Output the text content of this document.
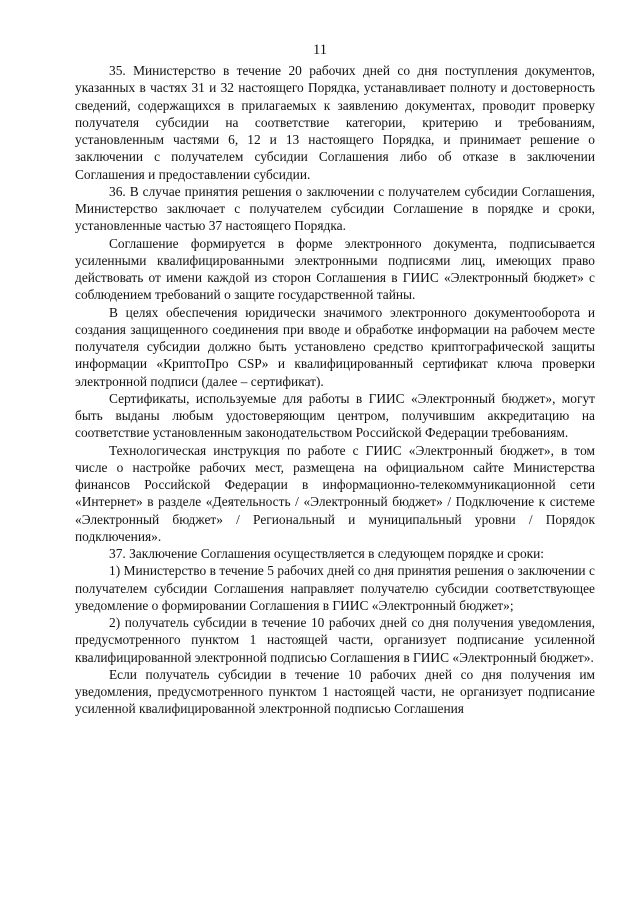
11

35. Министерство в течение 20 рабочих дней со дня поступления документов, указанных в частях 31 и 32 настоящего Порядка, устанавливает полноту и достоверность сведений, содержащихся в прилагаемых к заявлению документах, проводит проверку получателя субсидии на соответствие категории, критерию и требованиям, установленным частями 6, 12 и 13 настоящего Порядка, и принимает решение о заключении с получателем субсидии Соглашения либо об отказе в заключении Соглашения и предоставлении субсидии.

36. В случае принятия решения о заключении с получателем субсидии Соглашения, Министерство заключает с получателем субсидии Соглашение в порядке и сроки, установленные частью 37 настоящего Порядка.

Соглашение формируется в форме электронного документа, подписывается усиленными квалифицированными электронными подписями лиц, имеющих право действовать от имени каждой из сторон Соглашения в ГИИС «Электронный бюджет» с соблюдением требований о защите государственной тайны.

В целях обеспечения юридически значимого электронного документооборота и создания защищенного соединения при вводе и обработке информации на рабочем месте получателя субсидии должно быть установлено средство криптографической защиты информации «КриптоПро CSP» и квалифицированный сертификат ключа проверки электронной подписи (далее – сертификат).

Сертификаты, используемые для работы в ГИИС «Электронный бюджет», могут быть выданы любым удостоверяющим центром, получившим аккредитацию на соответствие установленным законодательством Российской Федерации требованиям.

Технологическая инструкция по работе с ГИИС «Электронный бюджет», в том числе о настройке рабочих мест, размещена на официальном сайте Министерства финансов Российской Федерации в информационно-телекоммуникационной сети «Интернет» в разделе «Деятельность / «Электронный бюджет» / Подключение к системе «Электронный бюджет» / Региональный и муниципальный уровни / Порядок подключения».

37. Заключение Соглашения осуществляется в следующем порядке и сроки:

1) Министерство в течение 5 рабочих дней со дня принятия решения о заключении с получателем субсидии Соглашения направляет получателю субсидии соответствующее уведомление о формировании Соглашения в ГИИС «Электронный бюджет»;

2) получатель субсидии в течение 10 рабочих дней со дня получения уведомления, предусмотренного пунктом 1 настоящей части, организует подписание усиленной квалифицированной электронной подписью Соглашения в ГИИС «Электронный бюджет».

Если получатель субсидии в течение 10 рабочих дней со дня получения им уведомления, предусмотренного пунктом 1 настоящей части, не организует подписание усиленной квалифицированной электронной подписью Соглашения
